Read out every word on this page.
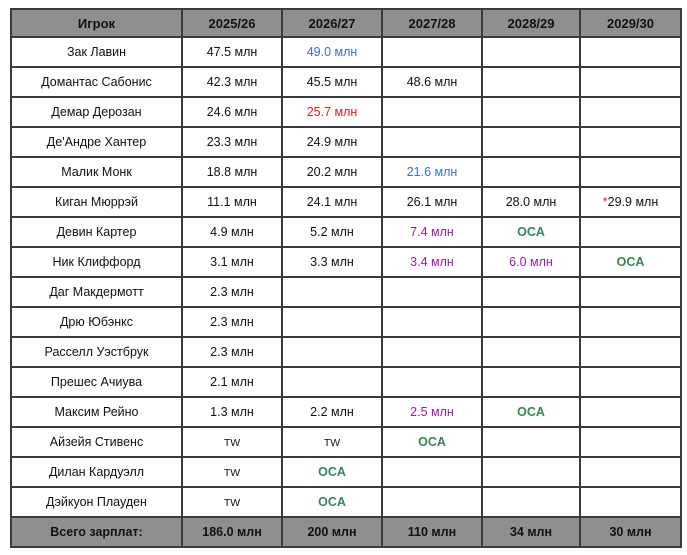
Игрок	2025/26	2026/27	2027/28	2028/29	2029/30
Зак Лавин	47.5 млн	49.0 млн			
Домантас Сабонис	42.3 млн	45.5 млн	48.6 млн		
Демар Дерозан	24.6 млн	25.7 млн			
Де'Андре Хантер	23.3 млн	24.9 млн			
Малик Монк	18.8 млн	20.2 млн	21.6 млн		
Киган Мюррэй	11.1 млн	24.1 млн	26.1 млн	28.0 млн	*29.9 млн
Девин Картер	4.9 млн	5.2 млн	7.4 млн	OCA	
Ник Клиффорд	3.1 млн	3.3 млн	3.4 млн	6.0 млн	OCA
Даг Макдермотт	2.3 млн				
Дрю Юбэнкс	2.3 млн				
Расселл Уэстбрук	2.3 млн				
Прешес Ачиува	2.1 млн				
Максим Рейно	1.3 млн	2.2 млн	2.5 млн	OCA	
Айзейя Стивенс	TW	TW	OCA		
Дилан Кардуэлл	TW	OCA			
Дэйкуон Плауден	TW	OCA			
Всего зарплат:	186.0 млн	200 млн	110 млн	34 млн	30 млн
